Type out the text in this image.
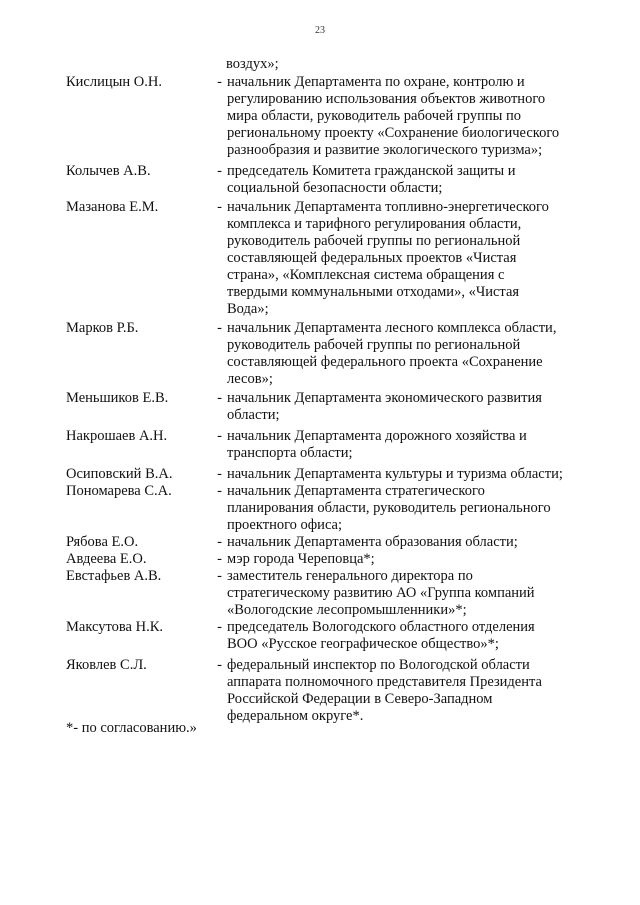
23
воздух»;
Кислицын О.Н.	- начальник Департамента по охране, контролю и
регулированию использования объектов животного
мира области, руководитель рабочей группы по
региональному проекту «Сохранение биологического
разнообразия и развитие экологического туризма»;
Колычев А.В.	- председатель Комитета гражданской защиты и
социальной безопасности области;
Мазанова Е.М.	- начальник Департамента топливно-энергетического
комплекса и тарифного регулирования области,
руководитель рабочей группы по региональной
составляющей федеральных проектов «Чистая
страна», «Комплексная система обращения с
твердыми коммунальными отходами», «Чистая
Вода»;
Марков Р.Б.	- начальник Департамента лесного комплекса области,
руководитель рабочей группы по региональной
составляющей федерального проекта «Сохранение
лесов»;
Меньшиков Е.В.	- начальник Департамента экономического развития
области;
Накрошаев А.Н.	- начальник Департамента дорожного хозяйства и
транспорта области;
Осиповский В.А.	- начальник Департамента культуры и туризма области;
Пономарева С.А.	- начальник Департамента стратегического
планирования области, руководитель регионального
проектного офиса;
Рябова Е.О.	- начальник Департамента образования области;
Авдеева Е.О.	- мэр города Череповца*;
Евстафьев А.В.	- заместитель генерального директора по
стратегическому развитию АО «Группа компаний
«Вологодские лесопромышленники»*;
Максутова Н.К.	- председатель Вологодского областного отделения
ВОО «Русское географическое общество»*;
Яковлев С.Л.	- федеральный инспектор по Вологодской области
аппарата полномочного представителя Президента
Российской Федерации в Северо-Западном
федеральном округе*.
*- по согласованию.»
